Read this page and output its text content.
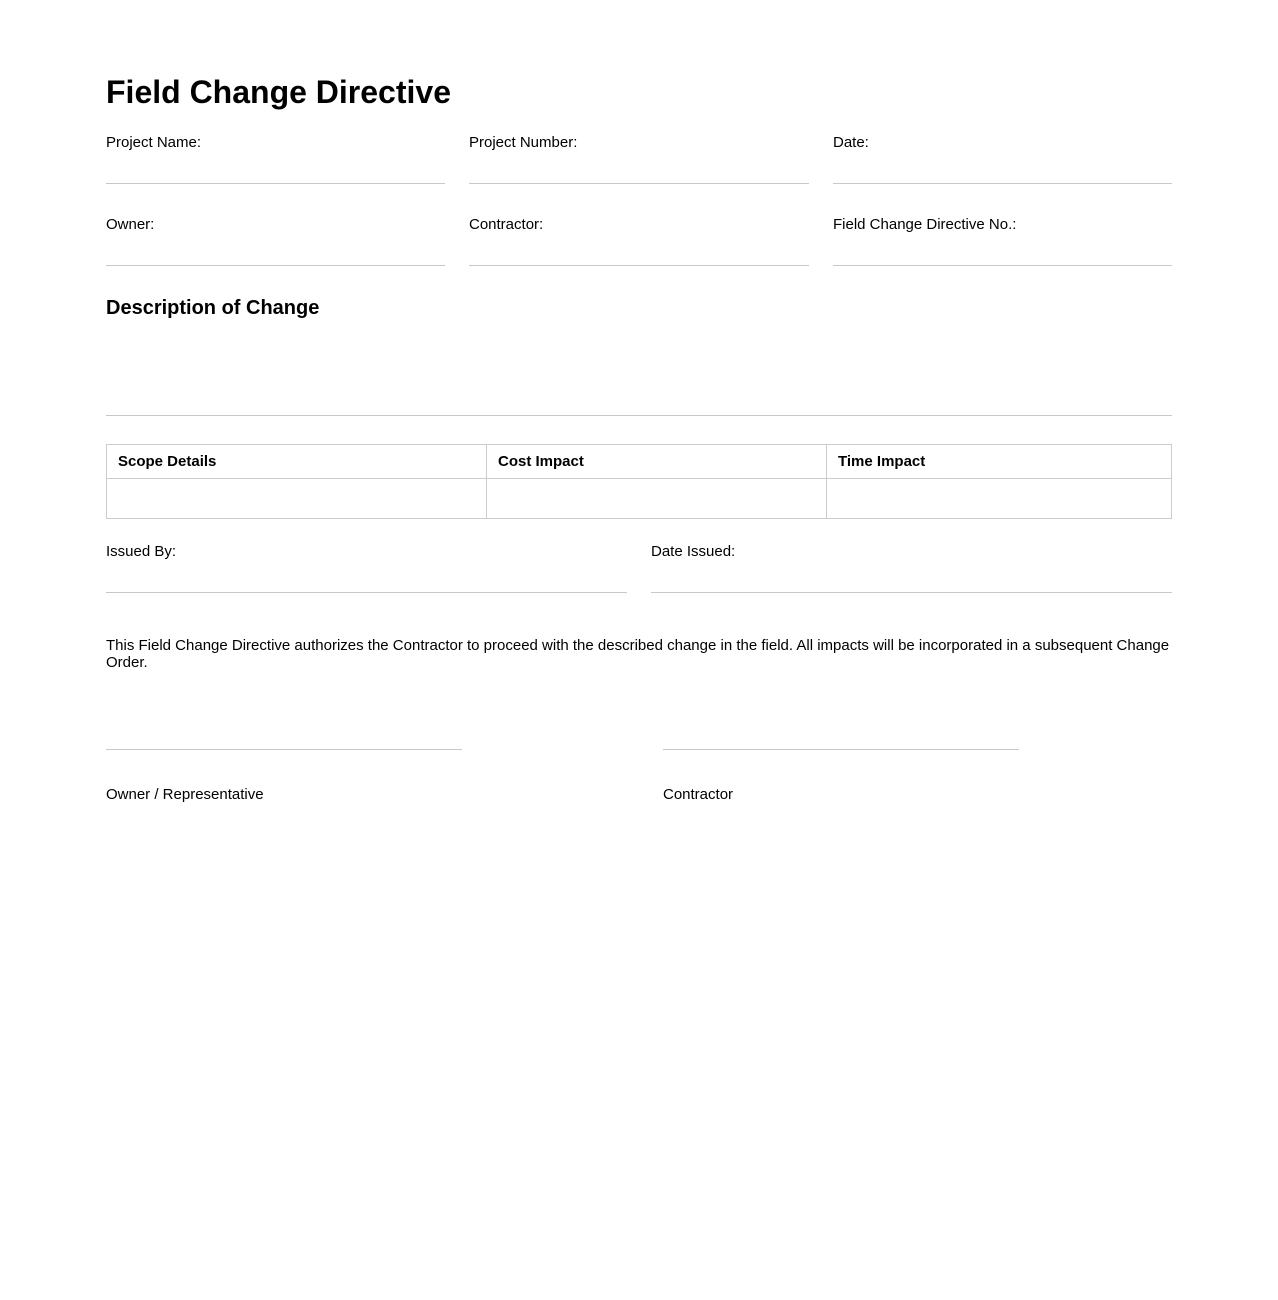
Field Change Directive
Project Name:	Project Number:	Date:
Owner:	Contractor:	Field Change Directive No.:
Description of Change
Scope Details	Cost Impact	Time Impact

Issued By:	Date Issued:
This Field Change Directive authorizes the Contractor to proceed with the described change in the field. All impacts will be incorporated in a subsequent Change Order.
Owner / Representative	Contractor
